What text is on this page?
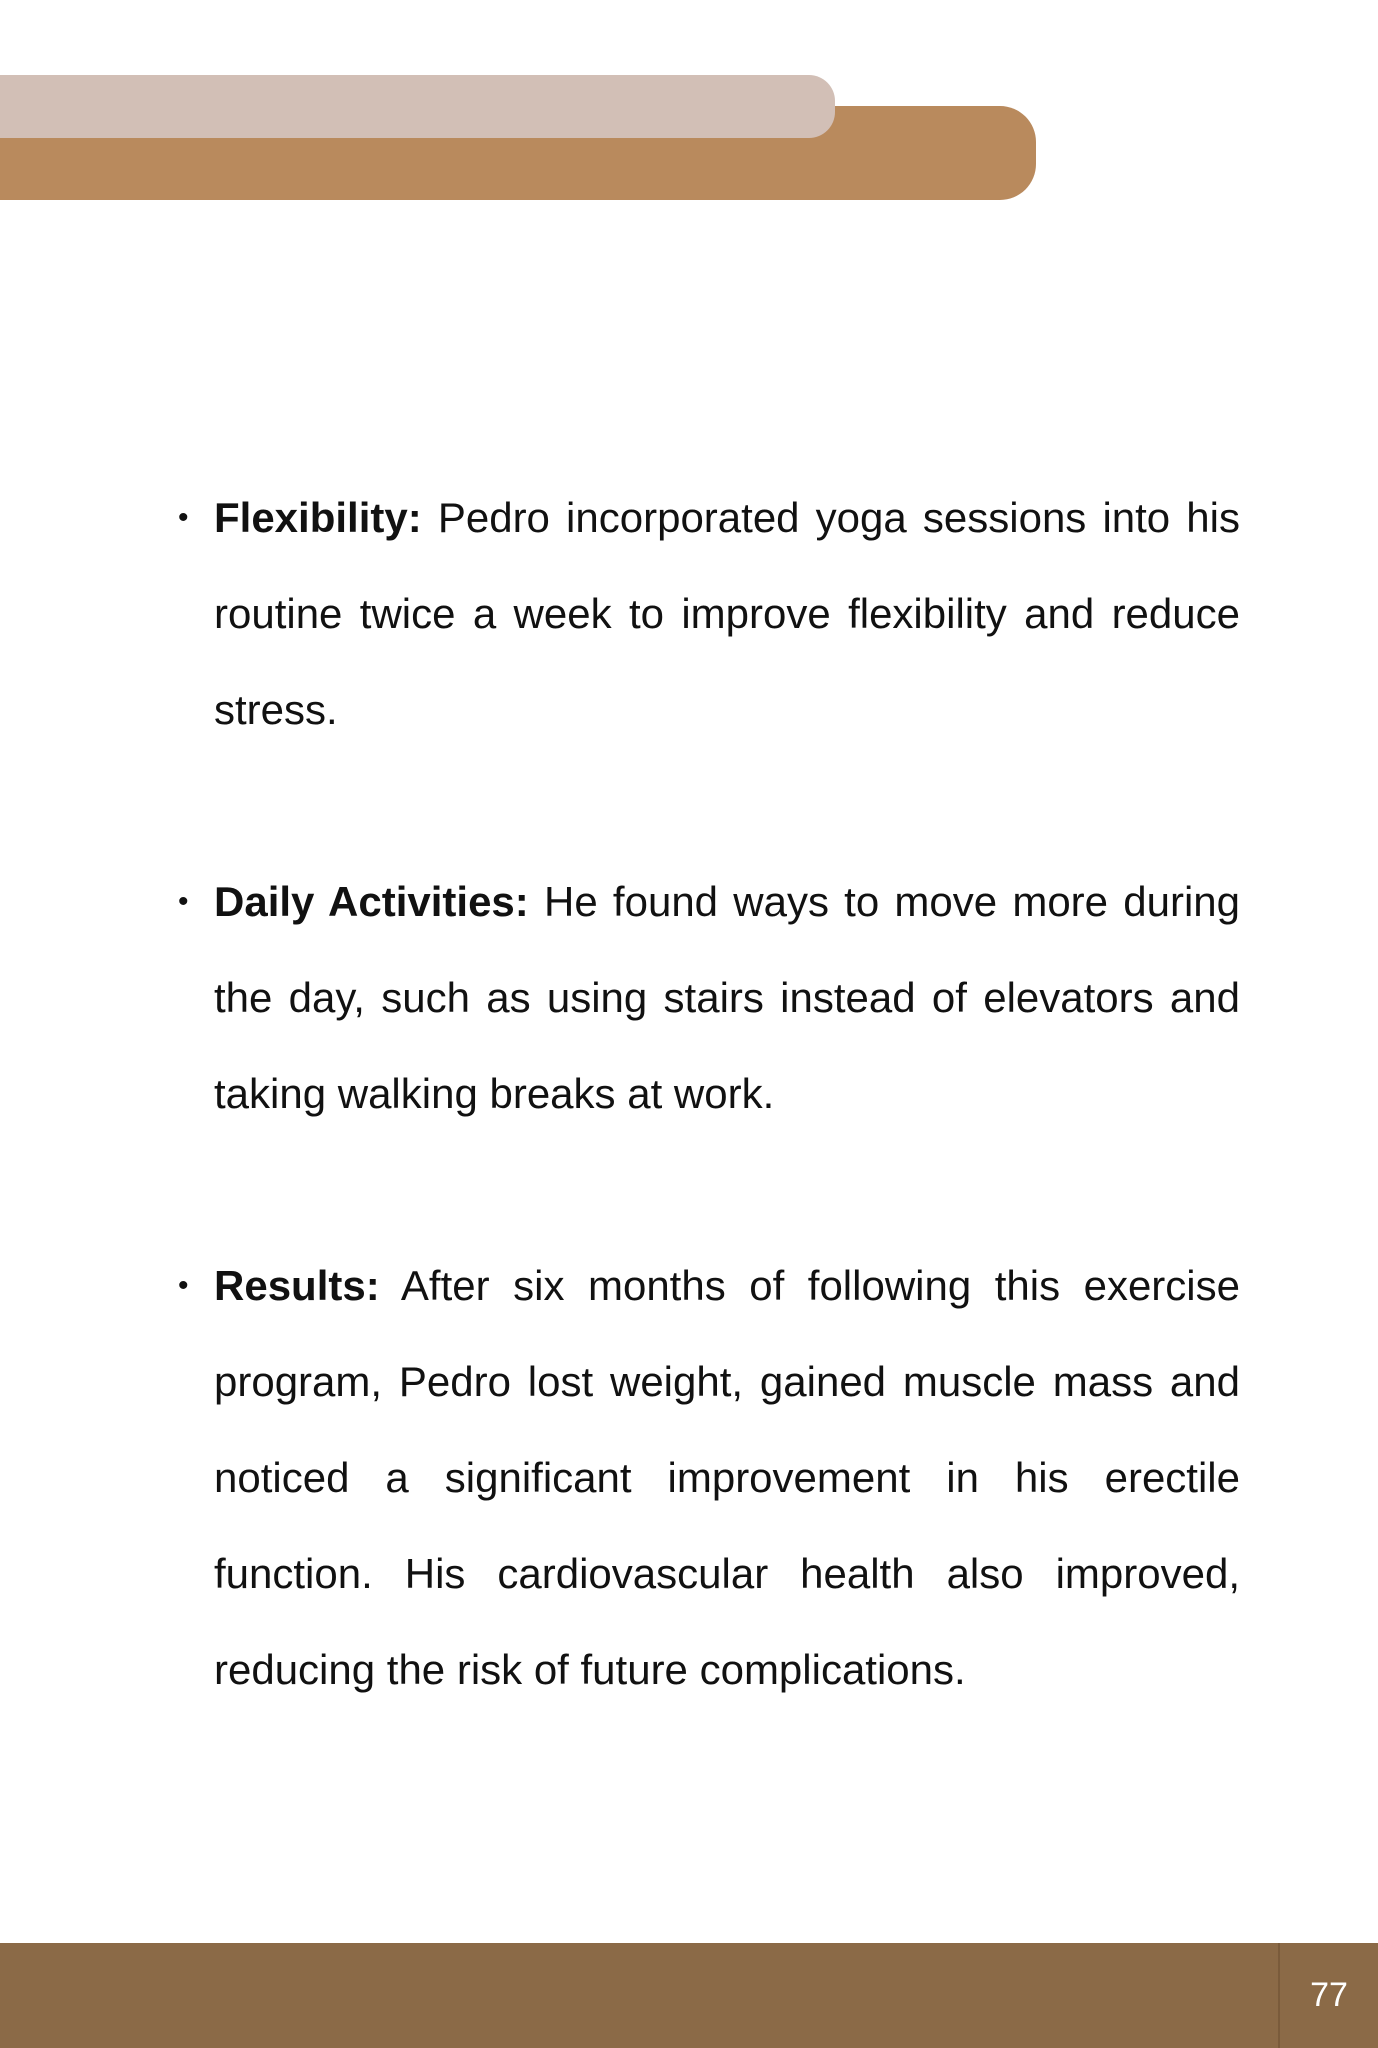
• Flexibility: Pedro incorporated yoga sessions into his routine twice a week to improve flexibility and reduce stress.
• Daily Activities: He found ways to move more during the day, such as using stairs instead of elevators and taking walking breaks at work.
• Results: After six months of following this exercise program, Pedro lost weight, gained muscle mass and noticed a significant improvement in his erectile function. His cardiovascular health also improved, reducing the risk of future complications.
77
